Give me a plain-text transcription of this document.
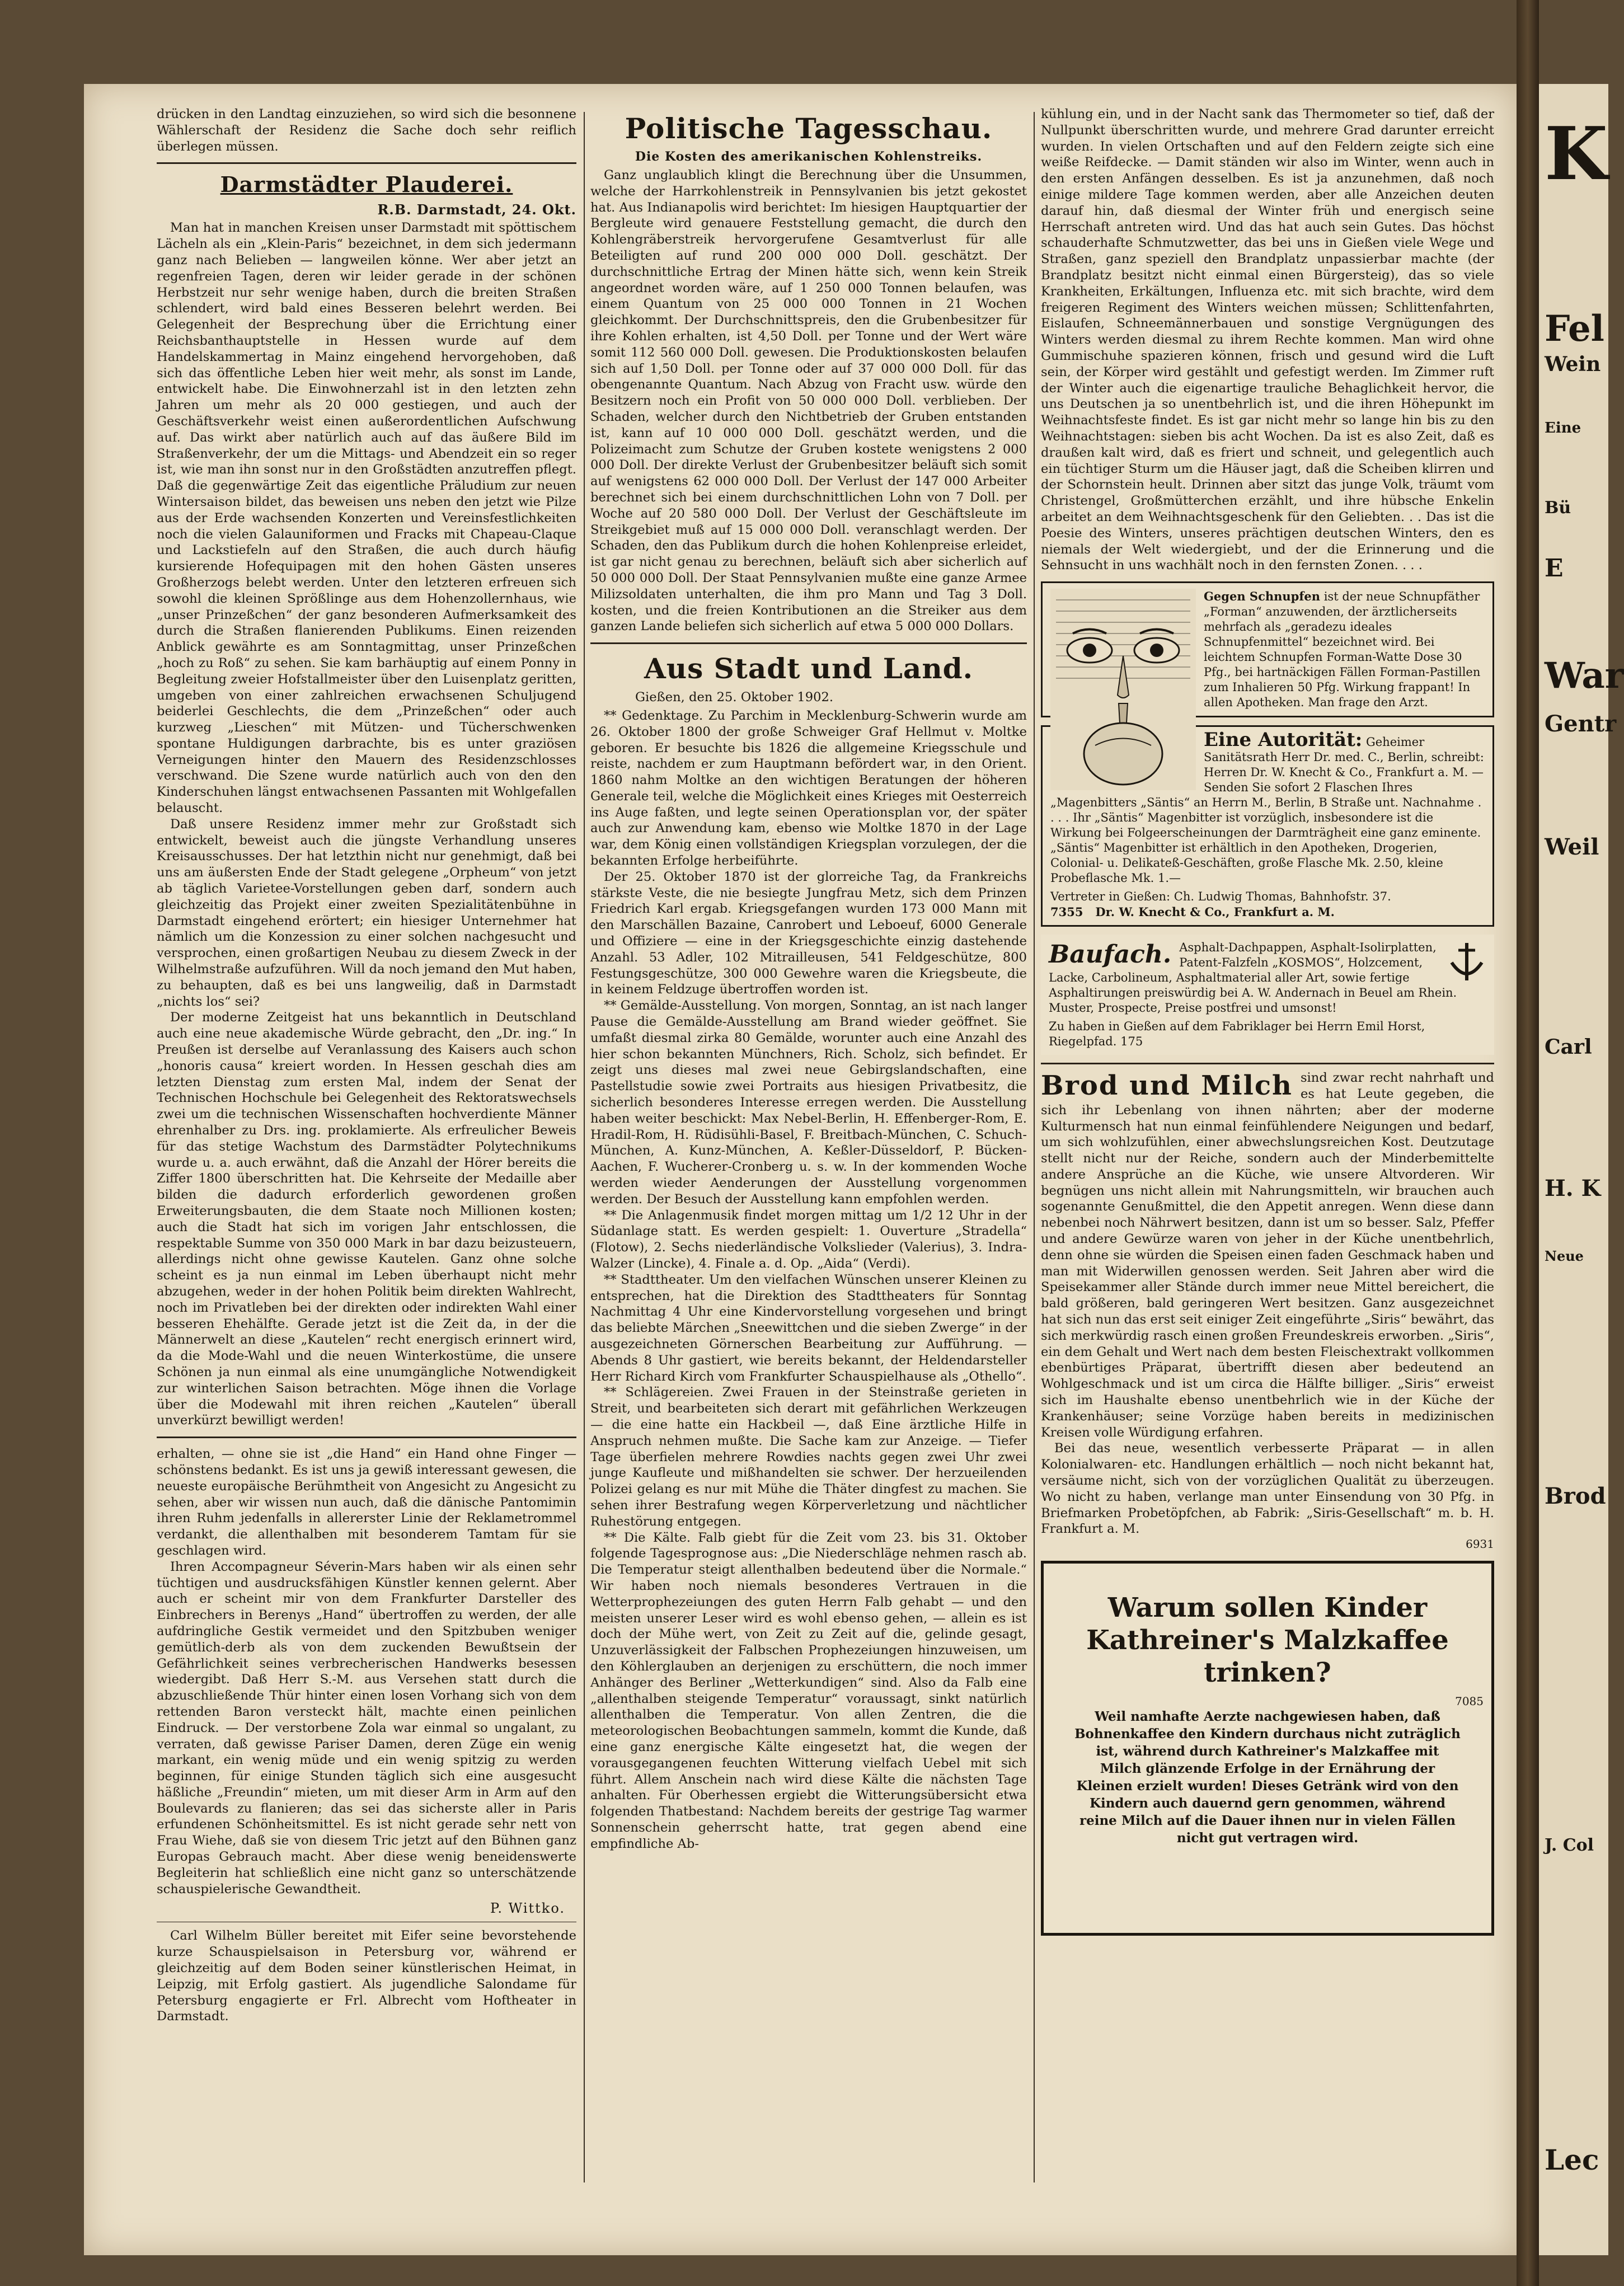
K
Fel
Wein
Eine
Bü
E
War
Gentr
Weil
Carl
H. K
Neue
Brod
J. Col
Lec

drücken in den Landtag einzuziehen, so wird sich die besonnene Wählerschaft der Residenz die Sache doch sehr reiflich überlegen müssen.

Darmstädter Plauderei.
R.B. Darmstadt, 24. Okt.

Man hat in manchen Kreisen unser Darmstadt mit spöttischem Lächeln als ein „Klein-Paris“ bezeichnet, in dem sich jedermann ganz nach Belieben — langweilen könne. Wer aber jetzt an regenfreien Tagen, deren wir leider gerade in der schönen Herbstzeit nur sehr wenige haben, durch die breiten Straßen schlendert, wird bald eines Besseren belehrt werden. Bei Gelegenheit der Besprechung über die Errichtung einer Reichsbanthauptstelle in Hessen wurde auf dem Handelskammertag in Mainz eingehend hervorgehoben, daß sich das öffentliche Leben hier weit mehr, als sonst im Lande, entwickelt habe. Die Einwohnerzahl ist in den letzten zehn Jahren um mehr als 20 000 gestiegen, und auch der Geschäftsverkehr weist einen außerordentlichen Aufschwung auf. Das wirkt aber natürlich auch auf das äußere Bild im Straßenverkehr, der um die Mittags- und Abendzeit ein so reger ist, wie man ihn sonst nur in den Großstädten anzutreffen pflegt. Daß die gegenwärtige Zeit das eigentliche Präludium zur neuen Wintersaison bildet, das beweisen uns neben den jetzt wie Pilze aus der Erde wachsenden Konzerten und Vereinsfestlichkeiten noch die vielen Galauniformen und Fracks mit Chapeau-Claque und Lackstiefeln auf den Straßen, die auch durch häufig kursierende Hofequipagen mit den hohen Gästen unseres Großherzogs belebt werden. Unter den letzteren erfreuen sich sowohl die kleinen Sprößlinge aus dem Hohenzollernhaus, wie „unser Prinzeßchen“ der ganz besonderen Aufmerksamkeit des durch die Straßen flanierenden Publikums. Einen reizenden Anblick gewährte es am Sonntagmittag, unser Prinzeßchen „hoch zu Roß“ zu sehen. Sie kam barhäuptig auf einem Ponny in Begleitung zweier Hofstallmeister über den Luisenplatz geritten, umgeben von einer zahlreichen erwachsenen Schuljugend beiderlei Geschlechts, die dem „Prinzeßchen“ oder auch kurzweg „Lieschen“ mit Mützen- und Tücherschwenken spontane Huldigungen darbrachte, bis es unter graziösen Verneigungen hinter den Mauern des Residenzschlosses verschwand. Die Szene wurde natürlich auch von den den Kinderschuhen längst entwachsenen Passanten mit Wohlgefallen belauscht.

Daß unsere Residenz immer mehr zur Großstadt sich entwickelt, beweist auch die jüngste Verhandlung unseres Kreisausschusses. Der hat letzthin nicht nur genehmigt, daß bei uns am äußersten Ende der Stadt gelegene „Orpheum“ von jetzt ab täglich Varietee-Vorstellungen geben darf, sondern auch gleichzeitig das Projekt einer zweiten Spezialitätenbühne in Darmstadt eingehend erörtert; ein hiesiger Unternehmer hat nämlich um die Konzession zu einer solchen nachgesucht und versprochen, einen großartigen Neubau zu diesem Zweck in der Wilhelmstraße aufzuführen. Will da noch jemand den Mut haben, zu behaupten, daß es bei uns langweilig, daß in Darmstadt „nichts los“ sei?

Der moderne Zeitgeist hat uns bekanntlich in Deutschland auch eine neue akademische Würde gebracht, den „Dr. ing.“ In Preußen ist derselbe auf Veranlassung des Kaisers auch schon „honoris causa“ kreiert worden. In Hessen geschah dies am letzten Dienstag zum ersten Mal, indem der Senat der Technischen Hochschule bei Gelegenheit des Rektoratswechsels zwei um die technischen Wissenschaften hochverdiente Männer ehrenhalber zu Drs. ing. proklamierte. Als erfreulicher Beweis für das stetige Wachstum des Darmstädter Polytechnikums wurde u. a. auch erwähnt, daß die Anzahl der Hörer bereits die Ziffer 1800 überschritten hat. Die Kehrseite der Medaille aber bilden die dadurch erforderlich gewordenen großen Erweiterungsbauten, die dem Staate noch Millionen kosten; auch die Stadt hat sich im vorigen Jahr entschlossen, die respektable Summe von 350 000 Mark in bar dazu beizusteuern, allerdings nicht ohne gewisse Kautelen. Ganz ohne solche scheint es ja nun einmal im Leben überhaupt nicht mehr abzugehen, weder in der hohen Politik beim direkten Wahlrecht, noch im Privatleben bei der direkten oder indirekten Wahl einer besseren Ehehälfte. Gerade jetzt ist die Zeit da, in der die Männerwelt an diese „Kautelen“ recht energisch erinnert wird, da die Mode-Wahl und die neuen Winterkostüme, die unsere Schönen ja nun einmal als eine unumgängliche Notwendigkeit zur winterlichen Saison betrachten. Möge ihnen die Vorlage über die Modewahl mit ihren reichen „Kautelen“ überall unverkürzt bewilligt werden!

erhalten, — ohne sie ist „die Hand“ ein Hand ohne Finger — schönstens bedankt. Es ist uns ja gewiß interessant gewesen, die neueste europäische Berühmtheit von Angesicht zu Angesicht zu sehen, aber wir wissen nun auch, daß die dänische Pantomimin ihren Ruhm jedenfalls in allererster Linie der Reklametrommel verdankt, die allenthalben mit besonderem Tamtam für sie geschlagen wird.

Ihren Accompagneur Séverin-Mars haben wir als einen sehr tüchtigen und ausdrucksfähigen Künstler kennen gelernt. Aber auch er scheint mir von dem Frankfurter Darsteller des Einbrechers in Berenys „Hand“ übertroffen zu werden, der alle aufdringliche Gestik vermeidet und den Spitzbuben weniger gemütlich-derb als von dem zuckenden Bewußtsein der Gefährlichkeit seines verbrecherischen Handwerks besessen wiedergibt. Daß Herr S.-M. aus Versehen statt durch die abzuschließende Thür hinter einen losen Vorhang sich von dem rettenden Baron versteckt hält, machte einen peinlichen Eindruck. — Der verstorbene Zola war einmal so ungalant, zu verraten, daß gewisse Pariser Damen, deren Züge ein wenig markant, ein wenig müde und ein wenig spitzig zu werden beginnen, für einige Stunden täglich sich eine ausgesucht häßliche „Freundin“ mieten, um mit dieser Arm in Arm auf den Boulevards zu flanieren; das sei das sicherste aller in Paris erfundenen Schönheitsmittel. Es ist nicht gerade sehr nett von Frau Wiehe, daß sie von diesem Tric jetzt auf den Bühnen ganz Europas Gebrauch macht. Aber diese wenig beneidenswerte Begleiterin hat schließlich eine nicht ganz so unterschätzende schauspielerische Gewandtheit.

P. Wittko.

Carl Wilhelm Büller bereitet mit Eifer seine bevorstehende kurze Schauspielsaison in Petersburg vor, während er gleichzeitig auf dem Boden seiner künstlerischen Heimat, in Leipzig, mit Erfolg gastiert. Als jugendliche Salondame für Petersburg engagierte er Frl. Albrecht vom Hoftheater in Darmstadt.

Politische Tagesschau.
Die Kosten des amerikanischen Kohlenstreiks.

Ganz unglaublich klingt die Berechnung über die Unsummen, welche der Harrkohlenstreik in Pennsylvanien bis jetzt gekostet hat. Aus Indianapolis wird berichtet: Im hiesigen Hauptquartier der Bergleute wird genauere Feststellung gemacht, die durch den Kohlengräberstreik hervorgerufene Gesamtverlust für alle Beteiligten auf rund 200 000 000 Doll. geschätzt. Der durchschnittliche Ertrag der Minen hätte sich, wenn kein Streik angeordnet worden wäre, auf 1 250 000 Tonnen belaufen, was einem Quantum von 25 000 000 Tonnen in 21 Wochen gleichkommt. Der Durchschnittspreis, den die Grubenbesitzer für ihre Kohlen erhalten, ist 4,50 Doll. per Tonne und der Wert wäre somit 112 560 000 Doll. gewesen. Die Produktionskosten belaufen sich auf 1,50 Doll. per Tonne oder auf 37 000 000 Doll. für das obengenannte Quantum. Nach Abzug von Fracht usw. würde den Besitzern noch ein Profit von 50 000 000 Doll. verblieben. Der Schaden, welcher durch den Nichtbetrieb der Gruben entstanden ist, kann auf 10 000 000 Doll. geschätzt werden, und die Polizeimacht zum Schutze der Gruben kostete wenigstens 2 000 000 Doll. Der direkte Verlust der Grubenbesitzer beläuft sich somit auf wenigstens 62 000 000 Doll. Der Verlust der 147 000 Arbeiter berechnet sich bei einem durchschnittlichen Lohn von 7 Doll. per Woche auf 20 580 000 Doll. Der Verlust der Geschäftsleute im Streikgebiet muß auf 15 000 000 Doll. veranschlagt werden. Der Schaden, den das Publikum durch die hohen Kohlenpreise erleidet, ist gar nicht genau zu berechnen, beläuft sich aber sicherlich auf 50 000 000 Doll. Der Staat Pennsylvanien mußte eine ganze Armee Milizsoldaten unterhalten, die ihm pro Mann und Tag 3 Doll. kosten, und die freien Kontributionen an die Streiker aus dem ganzen Lande beliefen sich sicherlich auf etwa 5 000 000 Dollars.

Aus Stadt und Land.
Gießen, den 25. Oktober 1902.

** Gedenktage. Zu Parchim in Mecklenburg-Schwerin wurde am 26. Oktober 1800 der große Schweiger Graf Hellmut v. Moltke geboren. Er besuchte bis 1826 die allgemeine Kriegsschule und reiste, nachdem er zum Hauptmann befördert war, in den Orient. 1860 nahm Moltke an den wichtigen Beratungen der höheren Generale teil, welche die Möglichkeit eines Krieges mit Oesterreich ins Auge faßten, und legte seinen Operationsplan vor, der später auch zur Anwendung kam, ebenso wie Moltke 1870 in der Lage war, dem König einen vollständigen Kriegsplan vorzulegen, der die bekannten Erfolge herbeiführte.

Der 25. Oktober 1870 ist der glorreiche Tag, da Frankreichs stärkste Veste, die nie besiegte Jungfrau Metz, sich dem Prinzen Friedrich Karl ergab. Kriegsgefangen wurden 173 000 Mann mit den Marschällen Bazaine, Canrobert und Leboeuf, 6000 Generale und Offiziere — eine in der Kriegsgeschichte einzig dastehende Anzahl. 53 Adler, 102 Mitrailleusen, 541 Feldgeschütze, 800 Festungsgeschütze, 300 000 Gewehre waren die Kriegsbeute, die in keinem Feldzuge übertroffen worden ist.

** Gemälde-Ausstellung. Von morgen, Sonntag, an ist nach langer Pause die Gemälde-Ausstellung am Brand wieder geöffnet. Sie umfaßt diesmal zirka 80 Gemälde, worunter auch eine Anzahl des hier schon bekannten Münchners, Rich. Scholz, sich befindet. Er zeigt uns dieses mal zwei neue Gebirgslandschaften, eine Pastellstudie sowie zwei Portraits aus hiesigen Privatbesitz, die sicherlich besonderes Interesse erregen werden. Die Ausstellung haben weiter beschickt: Max Nebel-Berlin, H. Effenberger-Rom, E. Hradil-Rom, H. Rüdisühli-Basel, F. Breitbach-München, C. Schuch-München, A. Kunz-München, A. Keßler-Düsseldorf, P. Bücken-Aachen, F. Wucherer-Cronberg u. s. w. In der kommenden Woche werden wieder Aenderungen der Ausstellung vorgenommen werden. Der Besuch der Ausstellung kann empfohlen werden.

** Die Anlagenmusik findet morgen mittag um 1/2 12 Uhr in der Südanlage statt. Es werden gespielt: 1. Ouverture „Stradella“ (Flotow), 2. Sechs niederländische Volkslieder (Valerius), 3. Indra-Walzer (Lincke), 4. Finale a. d. Op. „Aida“ (Verdi).

** Stadttheater. Um den vielfachen Wünschen unserer Kleinen zu entsprechen, hat die Direktion des Stadttheaters für Sonntag Nachmittag 4 Uhr eine Kindervorstellung vorgesehen und bringt das beliebte Märchen „Sneewittchen und die sieben Zwerge“ in der ausgezeichneten Görnerschen Bearbeitung zur Aufführung. — Abends 8 Uhr gastiert, wie bereits bekannt, der Heldendarsteller Herr Richard Kirch vom Frankfurter Schauspielhause als „Othello“.

** Schlägereien. Zwei Frauen in der Steinstraße gerieten in Streit, und bearbeiteten sich derart mit gefährlichen Werkzeugen — die eine hatte ein Hackbeil —, daß Eine ärztliche Hilfe in Anspruch nehmen mußte. Die Sache kam zur Anzeige. — Tiefer Tage überfielen mehrere Rowdies nachts gegen zwei Uhr zwei junge Kaufleute und mißhandelten sie schwer. Der herzueilenden Polizei gelang es nur mit Mühe die Thäter dingfest zu machen. Sie sehen ihrer Bestrafung wegen Körperverletzung und nächtlicher Ruhestörung entgegen.

** Die Kälte. Falb giebt für die Zeit vom 23. bis 31. Oktober folgende Tagesprognose aus: „Die Niederschläge nehmen rasch ab. Die Temperatur steigt allenthalben bedeutend über die Normale.“ Wir haben noch niemals besonderes Vertrauen in die Wetterprophezeiungen des guten Herrn Falb gehabt — und den meisten unserer Leser wird es wohl ebenso gehen, — allein es ist doch der Mühe wert, von Zeit zu Zeit auf die, gelinde gesagt, Unzuverlässigkeit der Falbschen Prophezeiungen hinzuweisen, um den Köhlerglauben an derjenigen zu erschüttern, die noch immer Anhänger des Berliner „Wetterkundigen“ sind. Also da Falb eine „allenthalben steigende Temperatur“ voraussagt, sinkt natürlich allenthalben die Temperatur. Von allen Zentren, die die meteorologischen Beobachtungen sammeln, kommt die Kunde, daß eine ganz energische Kälte eingesetzt hat, die wegen der vorausgegangenen feuchten Witterung vielfach Uebel mit sich führt. Allem Anschein nach wird diese Kälte die nächsten Tage anhalten. Für Oberhessen ergiebt die Witterungsübersicht etwa folgenden Thatbestand: Nachdem bereits der gestrige Tag warmer Sonnenschein geherrscht hatte, trat gegen abend eine empfindliche Ab-

kühlung ein, und in der Nacht sank das Thermometer so tief, daß der Nullpunkt überschritten wurde, und mehrere Grad darunter erreicht wurden. In vielen Ortschaften und auf den Feldern zeigte sich eine weiße Reifdecke. — Damit ständen wir also im Winter, wenn auch in den ersten Anfängen desselben. Es ist ja anzunehmen, daß noch einige mildere Tage kommen werden, aber alle Anzeichen deuten darauf hin, daß diesmal der Winter früh und energisch seine Herrschaft antreten wird. Und das hat auch sein Gutes. Das höchst schauderhafte Schmutzwetter, das bei uns in Gießen viele Wege und Straßen, ganz speziell den Brandplatz unpassierbar machte (der Brandplatz besitzt nicht einmal einen Bürgersteig), das so viele Krankheiten, Erkältungen, Influenza etc. mit sich brachte, wird dem freigeren Regiment des Winters weichen müssen; Schlittenfahrten, Eislaufen, Schneemännerbauen und sonstige Vergnügungen des Winters werden diesmal zu ihrem Rechte kommen. Man wird ohne Gummischuhe spazieren können, frisch und gesund wird die Luft sein, der Körper wird gestählt und gefestigt werden. Im Zimmer ruft der Winter auch die eigenartige trauliche Behaglichkeit hervor, die uns Deutschen ja so unentbehrlich ist, und die ihren Höhepunkt im Weihnachtsfeste findet. Es ist gar nicht mehr so lange hin bis zu den Weihnachtstagen: sieben bis acht Wochen. Da ist es also Zeit, daß es draußen kalt wird, daß es friert und schneit, und gelegentlich auch ein tüchtiger Sturm um die Häuser jagt, daß die Scheiben klirren und der Schornstein heult. Drinnen aber sitzt das junge Volk, träumt vom Christengel, Großmütterchen erzählt, und ihre hübsche Enkelin arbeitet an dem Weihnachtsgeschenk für den Geliebten. . . Das ist die Poesie des Winters, unseres prächtigen deutschen Winters, den es niemals der Welt wiedergiebt, und der die Erinnerung und die Sehnsucht in uns wachhält noch in den fernsten Zonen. . . .

Gegen Schnupfen ist der neue Schnupfäther „Forman“ anzuwenden, der ärztlicherseits mehrfach als „geradezu ideales Schnupfenmittel“ bezeichnet wird. Bei leichtem Schnupfen Forman-Watte Dose 30 Pfg., bei hartnäckigen Fällen Forman-Pastillen zum Inhalieren 50 Pfg. Wirkung frappant! In allen Apotheken. Man frage den Arzt.
Eine Autorität: Geheimer Sanitätsrath Herr Dr. med. C., Berlin, schreibt: Herren Dr. W. Knecht & Co., Frankfurt a. M. — Senden Sie sofort 2 Flaschen Ihres „Magenbitters „Säntis“ an Herrn M., Berlin, B Straße unt. Nachnahme . . . . Ihr „Säntis“ Magenbitter ist vorzüglich, insbesondere ist die Wirkung bei Folgeerscheinungen der Darmträgheit eine ganz eminente. „Säntis“ Magenbitter ist erhältlich in den Apotheken, Drogerien, Colonial- u. Delikateß-Geschäften, große Flasche Mk. 2.50, kleine Probeflasche Mk. 1.—
Vertreter in Gießen: Ch. Ludwig Thomas, Bahnhofstr. 37.
7355 Dr. W. Knecht & Co., Frankfurt a. M.
Baufach. Asphalt-Dachpappen, Asphalt-Isolirplatten, Patent-Falzfeln „KOSMOS“, Holzcement, Lacke, Carbolineum, Asphaltmaterial aller Art, sowie fertige Asphaltirungen preiswürdig bei A. W. Andernach in Beuel am Rhein. Muster, Prospecte, Preise postfrei und umsonst!
Zu haben in Gießen auf dem Fabriklager bei Herrn Emil Horst, Riegelpfad. 175
Brod und Milch sind zwar recht nahrhaft und es hat Leute gegeben, die sich ihr Lebenlang von ihnen nährten; aber der moderne Kulturmensch hat nun einmal feinfühlendere Neigungen und bedarf, um sich wohlzufühlen, einer abwechslungsreichen Kost. Deutzutage stellt nicht nur der Reiche, sondern auch der Minderbemittelte andere Ansprüche an die Küche, wie unsere Altvorderen. Wir begnügen uns nicht allein mit Nahrungsmitteln, wir brauchen auch sogenannte Genußmittel, die den Appetit anregen. Wenn diese dann nebenbei noch Nährwert besitzen, dann ist um so besser. Salz, Pfeffer und andere Gewürze waren von jeher in der Küche unentbehrlich, denn ohne sie würden die Speisen einen faden Geschmack haben und man mit Widerwillen genossen werden. Seit Jahren aber wird die Speisekammer aller Stände durch immer neue Mittel bereichert, die bald größeren, bald geringeren Wert besitzen. Ganz ausgezeichnet hat sich nun das erst seit einiger Zeit eingeführte „Siris“ bewährt, das sich merkwürdig rasch einen großen Freundeskreis erworben. „Siris“, ein dem Gehalt und Wert nach dem besten Fleischextrakt vollkommen ebenbürtiges Präparat, übertrifft diesen aber bedeutend an Wohlgeschmack und ist um circa die Hälfte billiger. „Siris“ erweist sich im Haushalte ebenso unentbehrlich wie in der Küche der Krankenhäuser; seine Vorzüge haben bereits in medizinischen Kreisen volle Würdigung erfahren.

Bei das neue, wesentlich verbesserte Präparat — in allen Kolonialwaren- etc. Handlungen erhältlich — noch nicht bekannt hat, versäume nicht, sich von der vorzüglichen Qualität zu überzeugen. Wo nicht zu haben, verlange man unter Einsendung von 30 Pfg. in Briefmarken Probetöpfchen, ab Fabrik: „Siris-Gesellschaft“ m. b. H. Frankfurt a. M.

6931
Warum sollen Kinder Kathreiner's Malzkaffee trinken?
7085
Weil namhafte Aerzte nachgewiesen haben, daß Bohnenkaffee den Kindern durchaus nicht zuträglich ist, während durch Kathreiner's Malzkaffee mit Milch glänzende Erfolge in der Ernährung der Kleinen erzielt wurden! Dieses Getränk wird von den Kindern auch dauernd gern genommen, während reine Milch auf die Dauer ihnen nur in vielen Fällen nicht gut vertragen wird.
